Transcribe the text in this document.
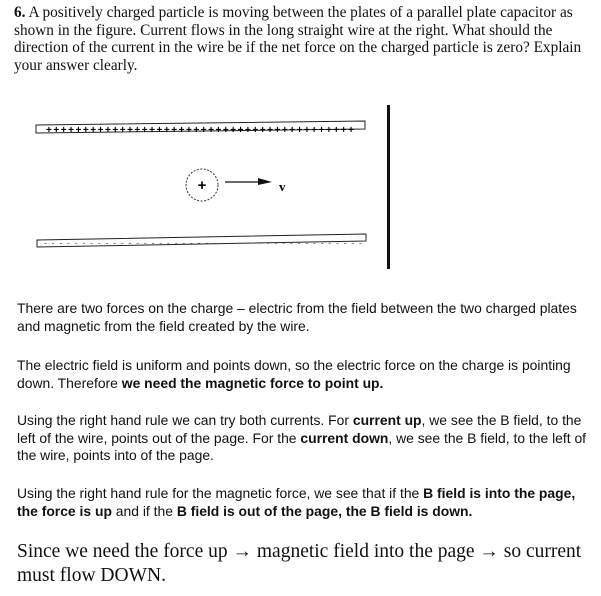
6. A positively charged particle is moving between the plates of a parallel plate capacitor as shown in the figure. Current flows in the long straight wire at the right. What should the direction of the current in the wire be if the net force on the charged particle is zero? Explain your answer clearly.
++++++++++++++++++++++++++++++++++++++++++
------------------------------------------
+	v
There are two forces on the charge – electric from the field between the two charged plates and magnetic from the field created by the wire.
The electric field is uniform and points down, so the electric force on the charge is pointing down. Therefore we need the magnetic force to point up.
Using the right hand rule we can try both currents. For current up, we see the B field, to the left of the wire, points out of the page. For the current down, we see the B field, to the left of the wire, points into of the page.
Using the right hand rule for the magnetic force, we see that if the B field is into the page, the force is up and if the B field is out of the page, the B field is down.
Since we need the force up → magnetic field into the page → so current must flow DOWN.
